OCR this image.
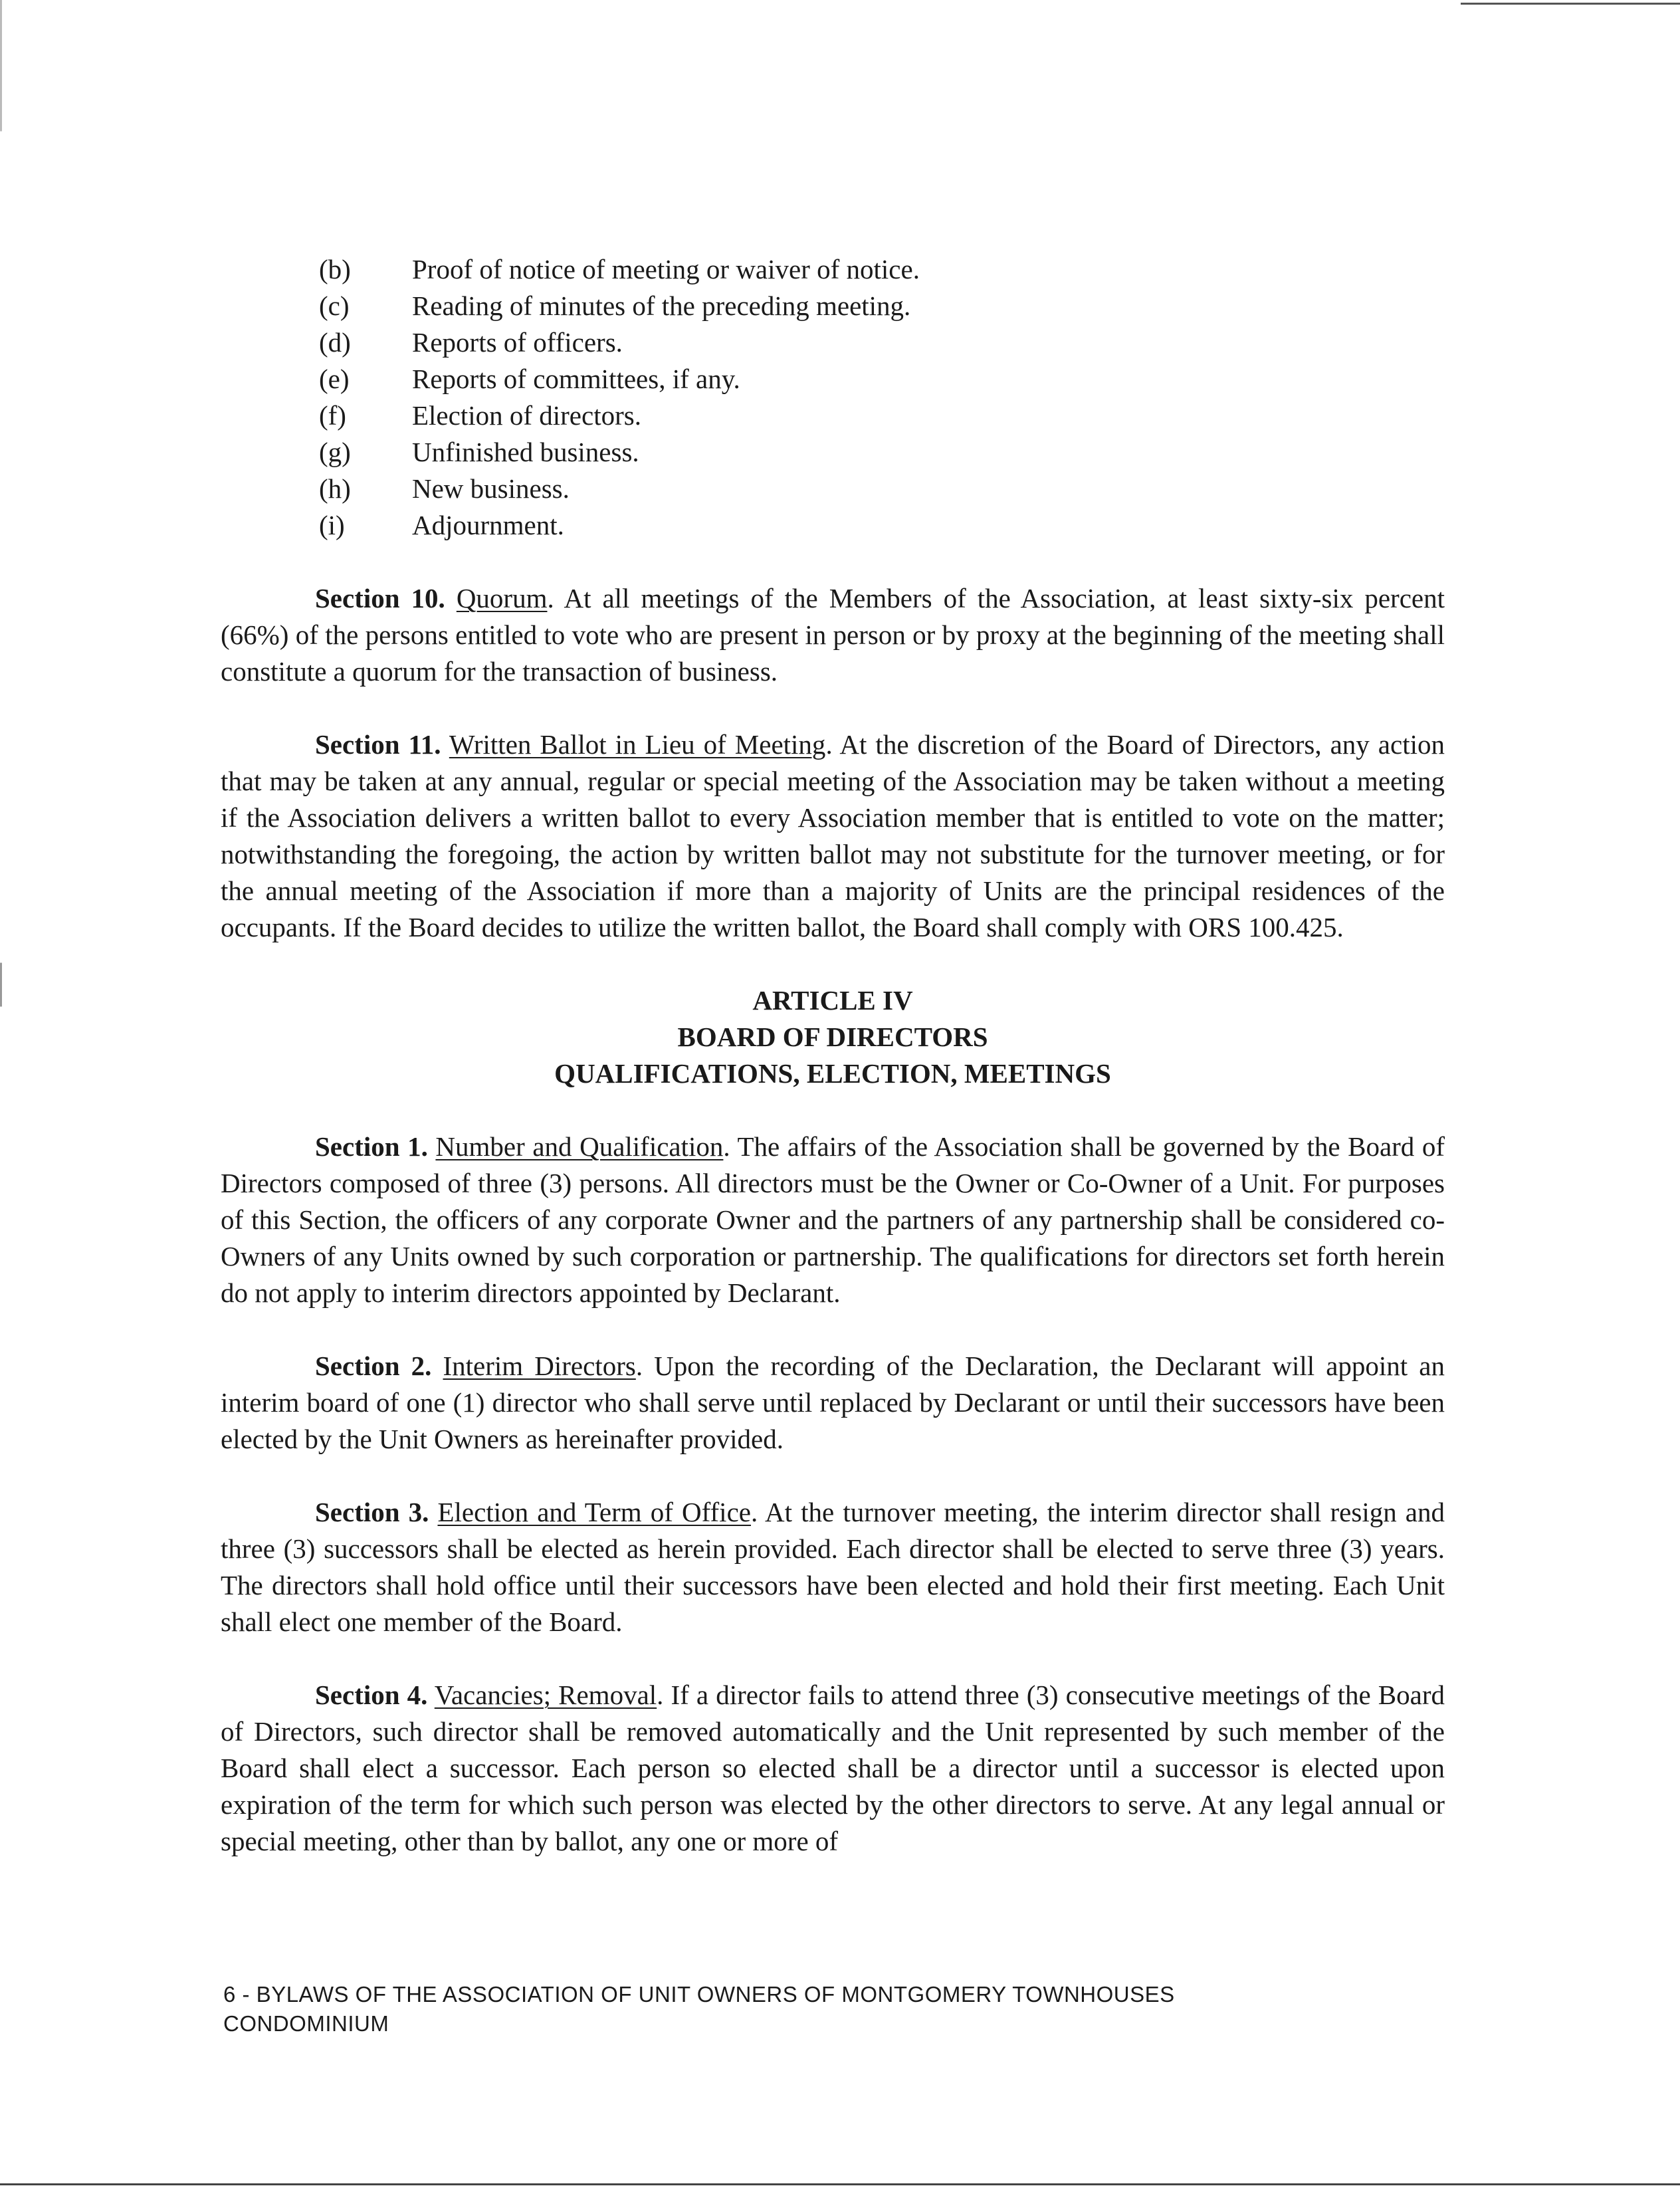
(b)	Proof of notice of meeting or waiver of notice.
(c)	Reading of minutes of the preceding meeting.
(d)	Reports of officers.
(e)	Reports of committees, if any.
(f)	Election of directors.
(g)	Unfinished business.
(h)	New business.
(i)	Adjournment.

Section 10. Quorum. At all meetings of the Members of the Association, at least sixty-six percent (66%) of the persons entitled to vote who are present in person or by proxy at the beginning of the meeting shall constitute a quorum for the transaction of business.

Section 11. Written Ballot in Lieu of Meeting. At the discretion of the Board of Directors, any action that may be taken at any annual, regular or special meeting of the Association may be taken without a meeting if the Association delivers a written ballot to every Association member that is entitled to vote on the matter; notwithstanding the foregoing, the action by written ballot may not substitute for the turnover meeting, or for the annual meeting of the Association if more than a majority of Units are the principal residences of the occupants. If the Board decides to utilize the written ballot, the Board shall comply with ORS 100.425.

ARTICLE IV
BOARD OF DIRECTORS
QUALIFICATIONS, ELECTION, MEETINGS

Section 1. Number and Qualification. The affairs of the Association shall be governed by the Board of Directors composed of three (3) persons. All directors must be the Owner or Co-Owner of a Unit. For purposes of this Section, the officers of any corporate Owner and the partners of any partnership shall be considered co-Owners of any Units owned by such corporation or partnership. The qualifications for directors set forth herein do not apply to interim directors appointed by Declarant.

Section 2. Interim Directors. Upon the recording of the Declaration, the Declarant will appoint an interim board of one (1) director who shall serve until replaced by Declarant or until their successors have been elected by the Unit Owners as hereinafter provided.

Section 3. Election and Term of Office. At the turnover meeting, the interim director shall resign and three (3) successors shall be elected as herein provided. Each director shall be elected to serve three (3) years. The directors shall hold office until their successors have been elected and hold their first meeting. Each Unit shall elect one member of the Board.

Section 4. Vacancies; Removal. If a director fails to attend three (3) consecutive meetings of the Board of Directors, such director shall be removed automatically and the Unit represented by such member of the Board shall elect a successor. Each person so elected shall be a director until a successor is elected upon expiration of the term for which such person was elected by the other directors to serve. At any legal annual or special meeting, other than by ballot, any one or more of

6 - BYLAWS OF THE ASSOCIATION OF UNIT OWNERS OF MONTGOMERY TOWNHOUSES
CONDOMINIUM
